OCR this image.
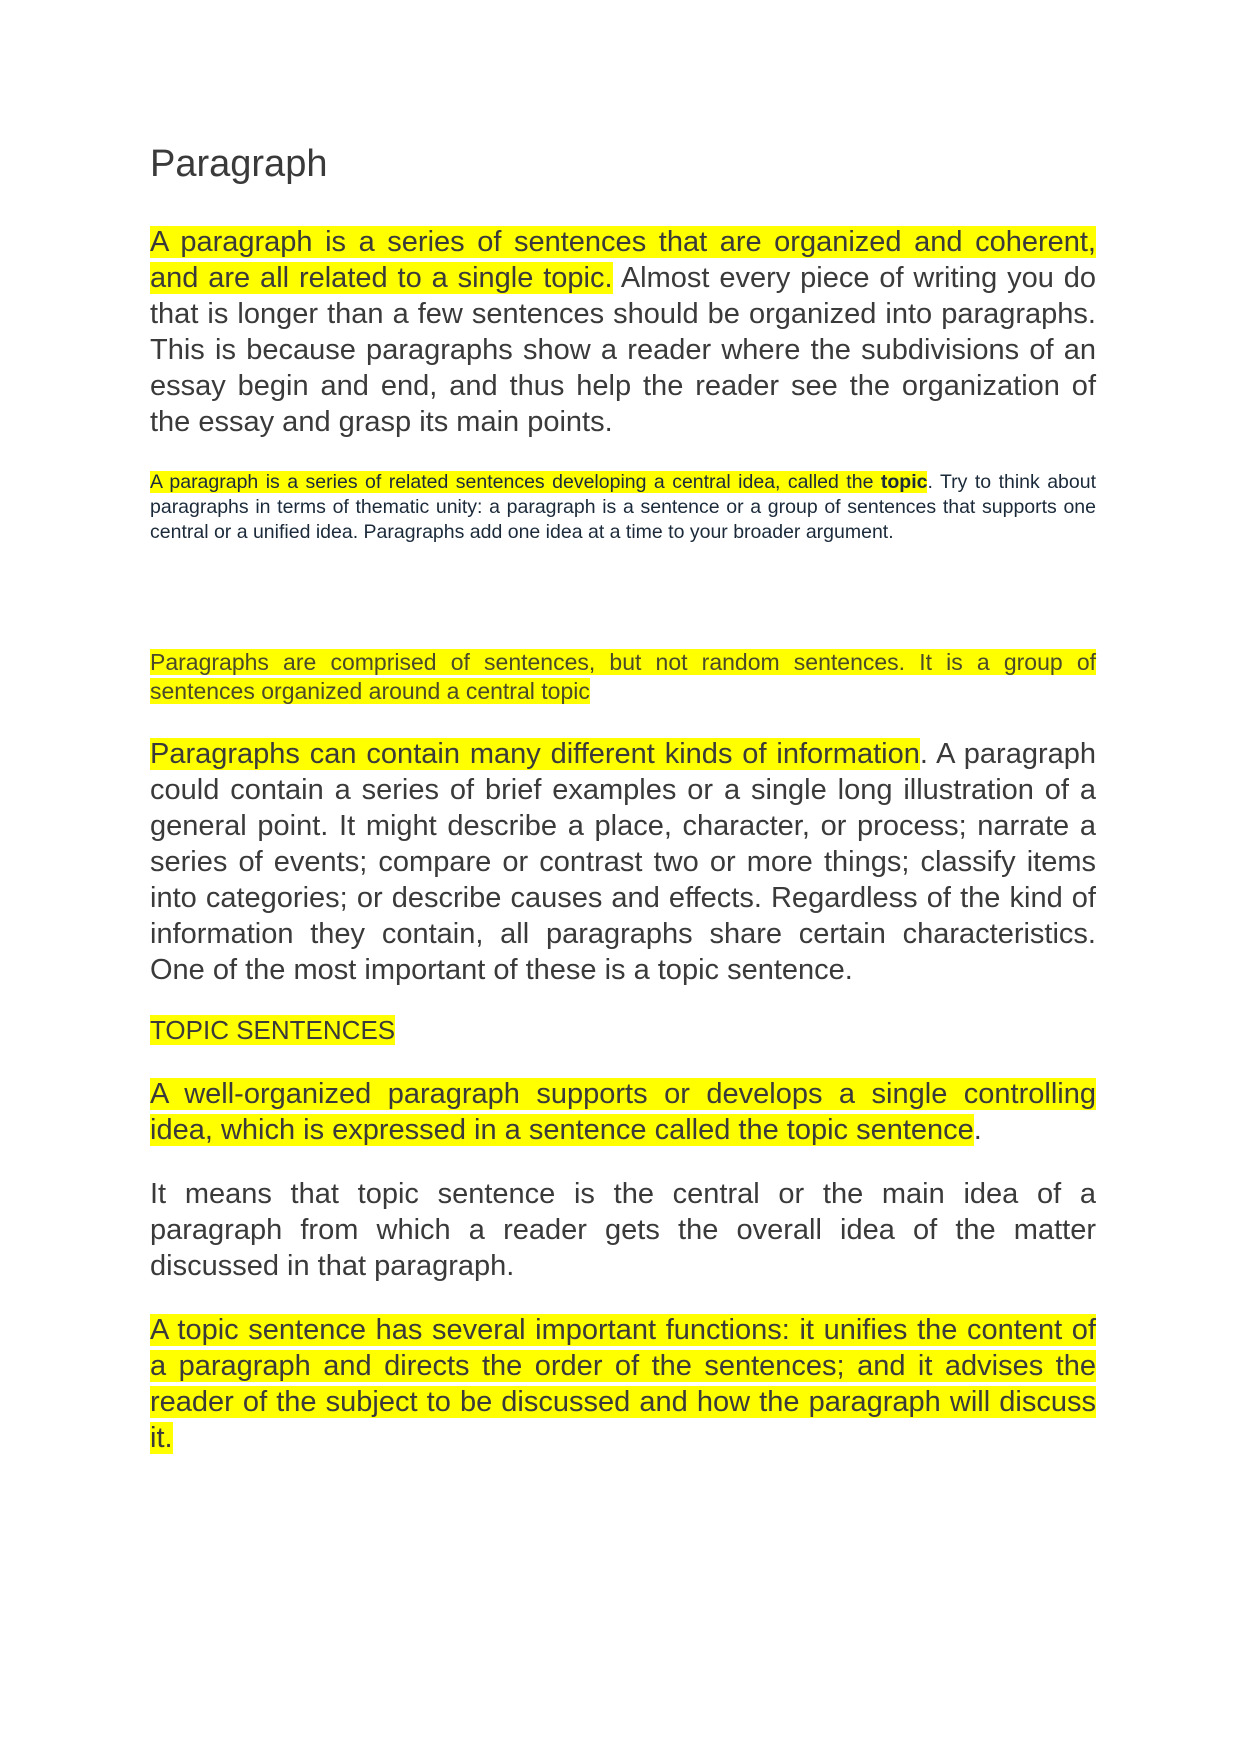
Paragraph

A paragraph is a series of sentences that are organized and coherent, and are all related to a single topic. Almost every piece of writing you do that is longer than a few sentences should be organized into paragraphs. This is because paragraphs show a reader where the subdivisions of an essay begin and end, and thus help the reader see the organization of the essay and grasp its main points.

A paragraph is a series of related sentences developing a central idea, called the topic. Try to think about paragraphs in terms of thematic unity: a paragraph is a sentence or a group of sentences that supports one central or a unified idea. Paragraphs add one idea at a time to your broader argument.

Paragraphs are comprised of sentences, but not random sentences. It is a group of sentences organized around a central topic

Paragraphs can contain many different kinds of information. A paragraph could contain a series of brief examples or a single long illustration of a general point. It might describe a place, character, or process; narrate a series of events; compare or contrast two or more things; classify items into categories; or describe causes and effects. Regardless of the kind of information they contain, all paragraphs share certain characteristics. One of the most important of these is a topic sentence.

TOPIC SENTENCES

A well-organized paragraph supports or develops a single controlling idea, which is expressed in a sentence called the topic sentence.

It means that topic sentence is the central or the main idea of a paragraph from which a reader gets the overall idea of the matter discussed in that paragraph.

A topic sentence has several important functions: it unifies the content of a paragraph and directs the order of the sentences; and it advises the reader of the subject to be discussed and how the paragraph will discuss it.
